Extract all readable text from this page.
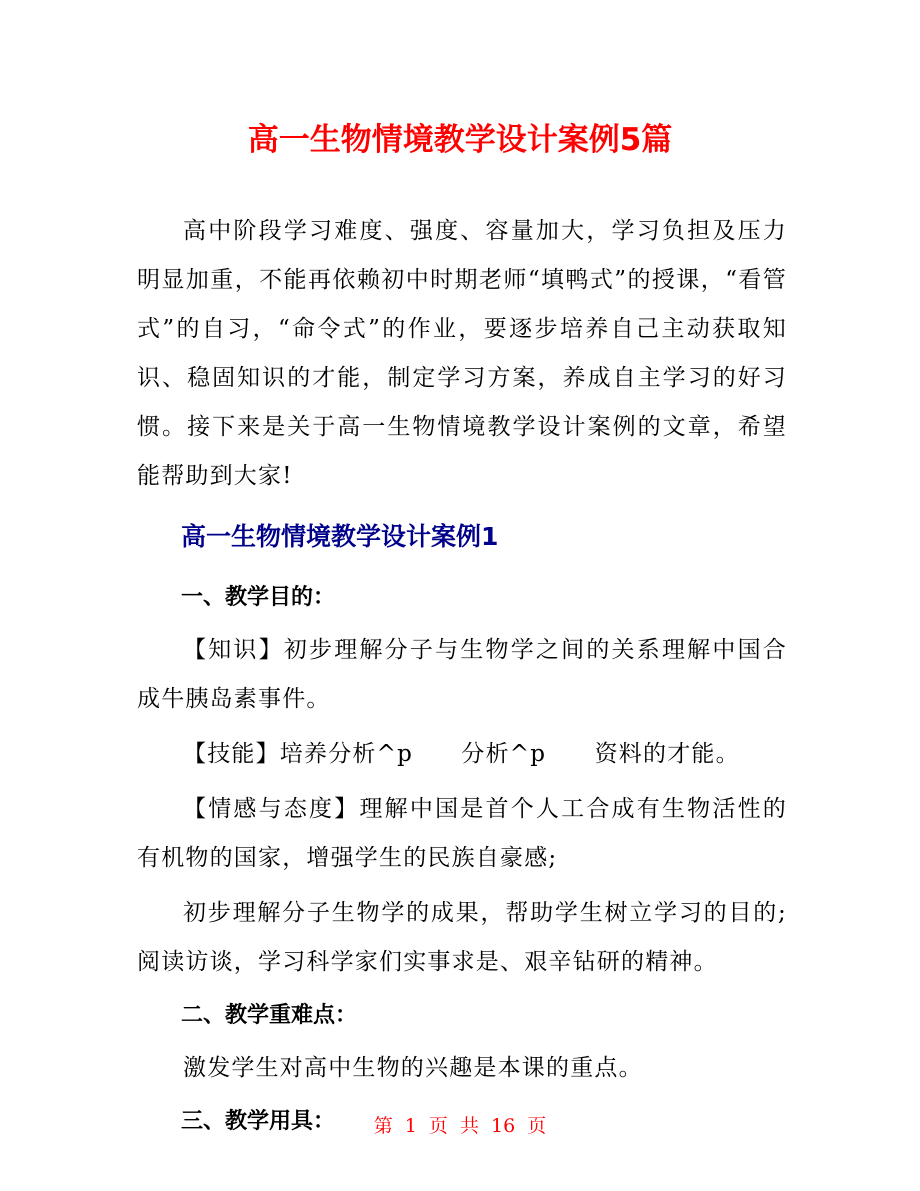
高一生物情境教学设计案例5篇

高中阶段学习难度、强度、容量加大，学习负担及压力明显加重，不能再依赖初中时期老师“填鸭式”的授课，“看管式”的自习，“命令式”的作业，要逐步培养自己主动获取知识、稳固知识的才能，制定学习方案，养成自主学习的好习惯。接下来是关于高一生物情境教学设计案例的文章，希望能帮助到大家!

高一生物情境教学设计案例1
一、教学目的：

【知识】初步理解分子与生物学之间的关系理解中国合成牛胰岛素事件。

【技能】培养分析^p　　分析^p　　资料的才能。

【情感与态度】理解中国是首个人工合成有生物活性的有机物的国家，增强学生的民族自豪感;

初步理解分子生物学的成果，帮助学生树立学习的目的;阅读访谈，学习科学家们实事求是、艰辛钻研的精神。

二、教学重难点：

激发学生对高中生物的兴趣是本课的重点。

三、教学用具：	第 1 页 共 16 页
